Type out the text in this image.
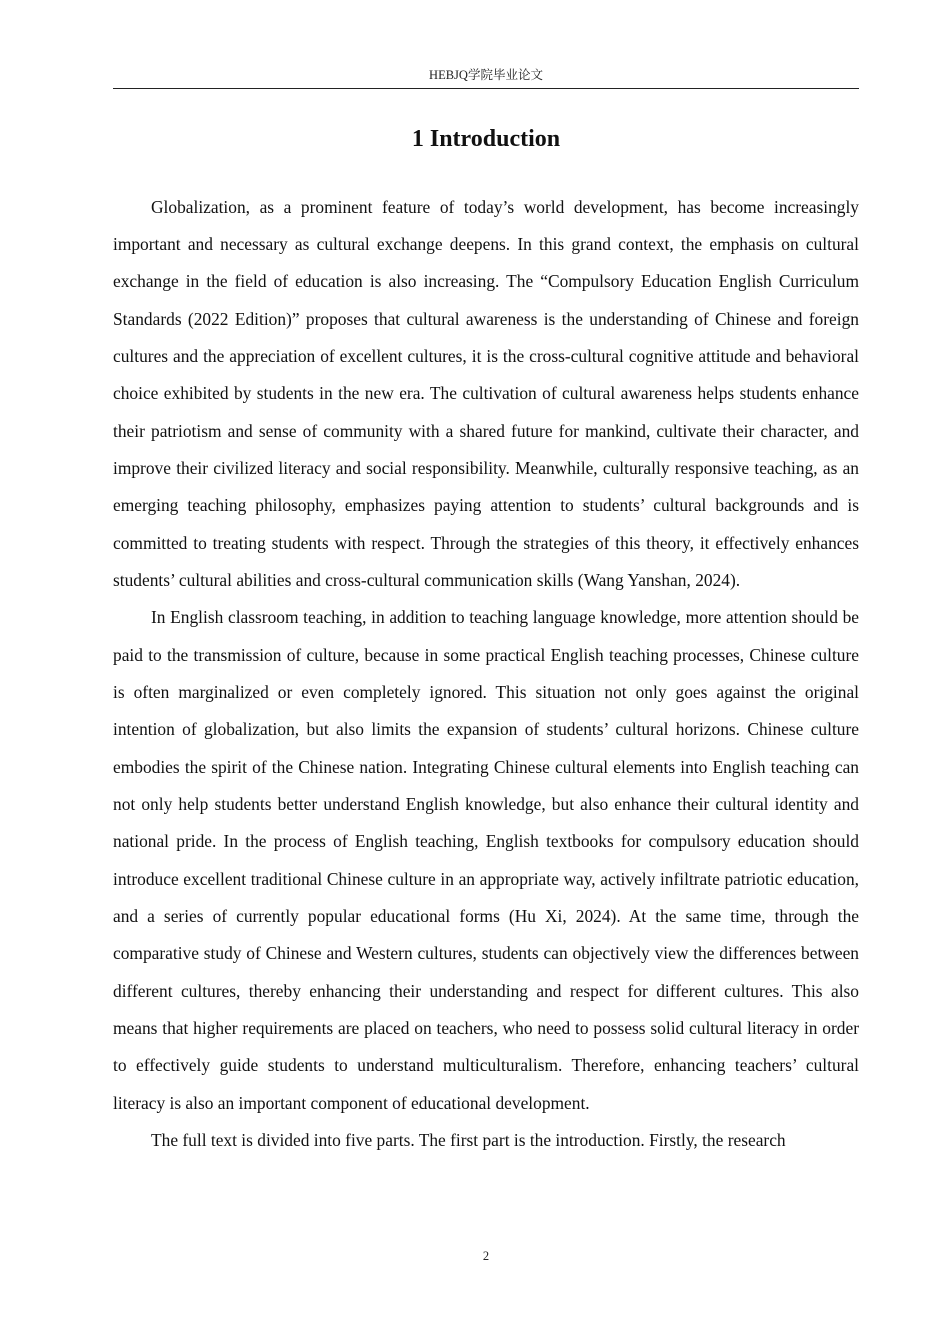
HEBJQ学院毕业论文
1 Introduction

Globalization, as a prominent feature of today’s world development, has become increasingly important and necessary as cultural exchange deepens. In this grand context, the emphasis on cultural exchange in the field of education is also increasing. The “Compulsory Education English Curriculum Standards (2022 Edition)” proposes that cultural awareness is the understanding of Chinese and foreign cultures and the appreciation of excellent cultures, it is the cross-cultural cognitive attitude and behavioral choice exhibited by students in the new era. The cultivation of cultural awareness helps students enhance their patriotism and sense of community with a shared future for mankind, cultivate their character, and improve their civilized literacy and social responsibility. Meanwhile, culturally responsive teaching, as an emerging teaching philosophy, emphasizes paying attention to students’ cultural backgrounds and is committed to treating students with respect. Through the strategies of this theory, it effectively enhances students’ cultural abilities and cross-cultural communication skills (Wang Yanshan, 2024).

In English classroom teaching, in addition to teaching language knowledge, more attention should be paid to the transmission of culture, because in some practical English teaching processes, Chinese culture is often marginalized or even completely ignored. This situation not only goes against the original intention of globalization, but also limits the expansion of students’ cultural horizons. Chinese culture embodies the spirit of the Chinese nation. Integrating Chinese cultural elements into English teaching can not only help students better understand English knowledge, but also enhance their cultural identity and national pride. In the process of English teaching, English textbooks for compulsory education should introduce excellent traditional Chinese culture in an appropriate way, actively infiltrate patriotic education, and a series of currently popular educational forms (Hu Xi, 2024). At the same time, through the comparative study of Chinese and Western cultures, students can objectively view the differences between different cultures, thereby enhancing their understanding and respect for different cultures. This also means that higher requirements are placed on teachers, who need to possess solid cultural literacy in order to effectively guide students to understand multiculturalism. Therefore, enhancing teachers’ cultural literacy is also an important component of educational development.

The full text is divided into five parts. The first part is the introduction. Firstly, the research

2
